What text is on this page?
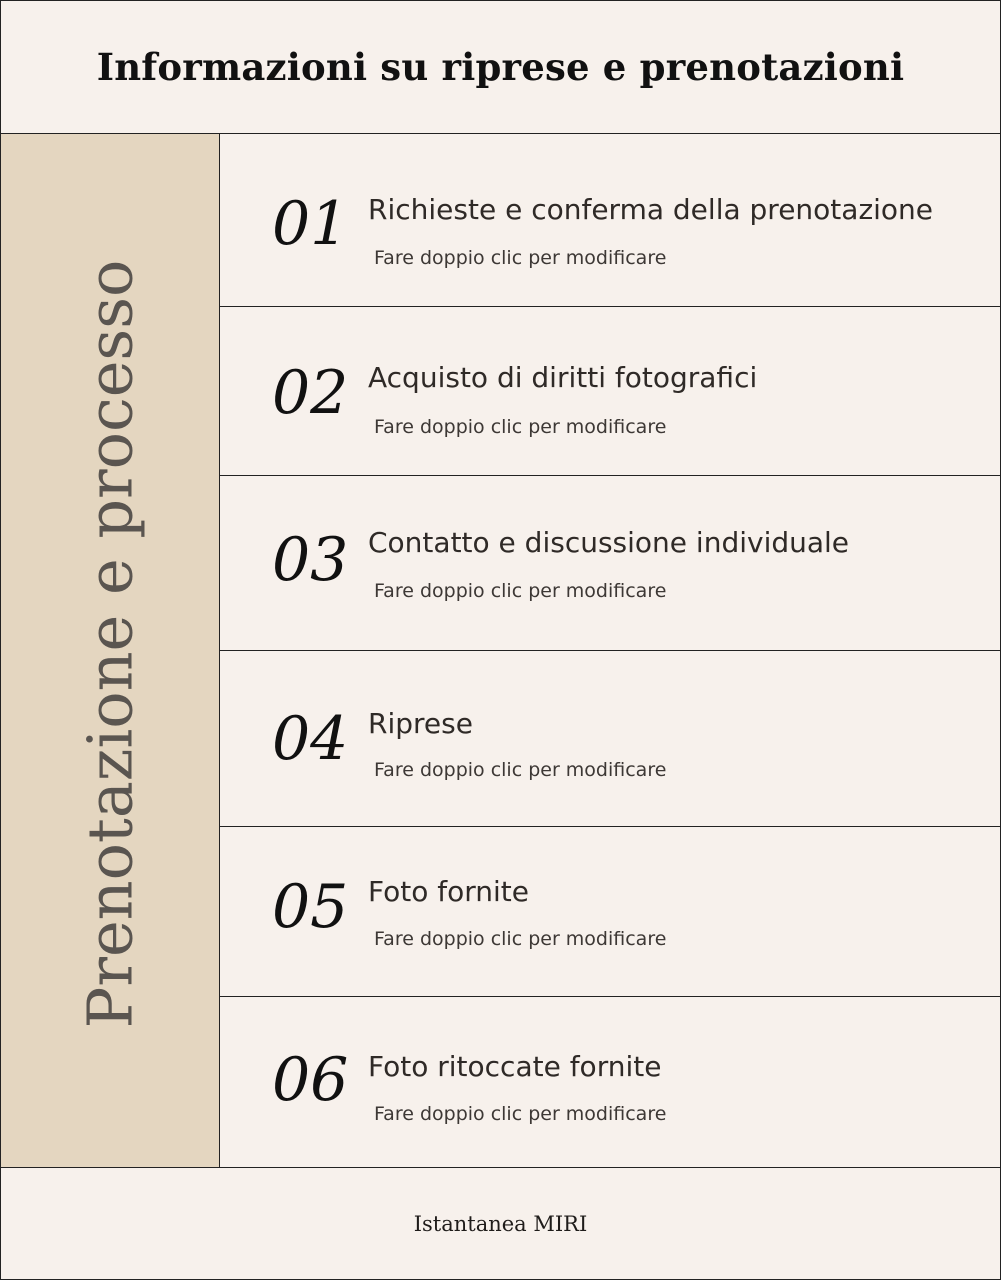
Informazioni su riprese e prenotazioni
Prenotazione e processo
01 Richieste e conferma della prenotazione
Fare doppio clic per modificare
02 Acquisto di diritti fotografici
Fare doppio clic per modificare
03 Contatto e discussione individuale
Fare doppio clic per modificare
04 Riprese
Fare doppio clic per modificare
05 Foto fornite
Fare doppio clic per modificare
06 Foto ritoccate fornite
Fare doppio clic per modificare
Istantanea MIRI
